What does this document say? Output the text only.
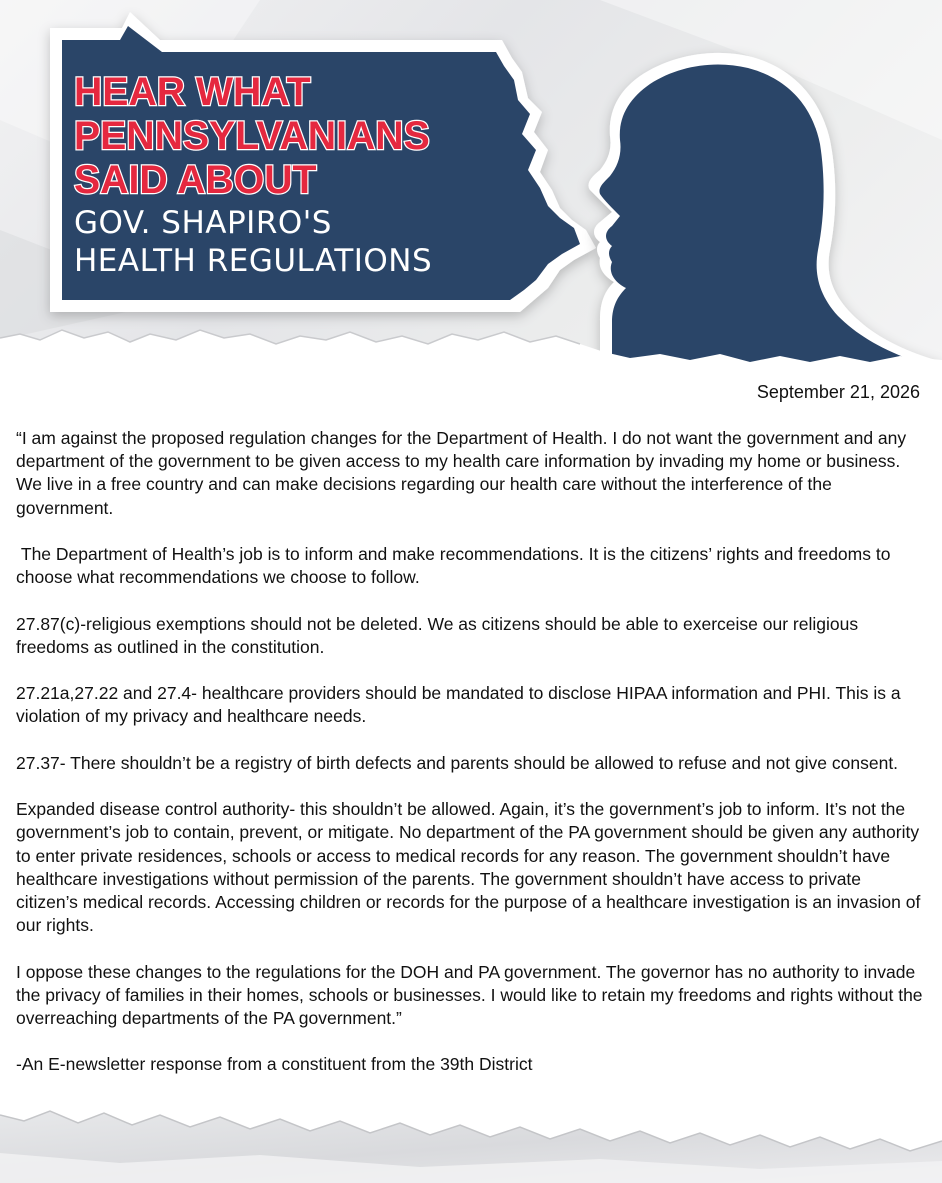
HEAR WHAT
PENNSYLVANIANS
SAID ABOUT
GOV. SHAPIRO'S
HEALTH REGULATIONS
September 21, 2026

“I am against the proposed regulation changes for the Department of Health. I do not want the government and any department of the government to be given access to my health care information by invading my home or business. We live in a free country and can make decisions regarding our health care without the interference of the government.

The Department of Health’s job is to inform and make recommendations. It is the citizens’ rights and freedoms to choose what recommendations we choose to follow.

27.87(c)-religious exemptions should not be deleted. We as citizens should be able to exerceise our religious freedoms as outlined in the constitution.

27.21a,27.22 and 27.4- healthcare providers should be mandated to disclose HIPAA information and PHI. This is a violation of my privacy and healthcare needs.

27.37- There shouldn’t be a registry of birth defects and parents should be allowed to refuse and not give consent.

Expanded disease control authority- this shouldn’t be allowed. Again, it’s the government’s job to inform. It’s not the government’s job to contain, prevent, or mitigate. No department of the PA government should be given any authority to enter private residences, schools or access to medical records for any reason. The government shouldn’t have healthcare investigations without permission of the parents. The government shouldn’t have access to private citizen’s medical records. Accessing children or records for the purpose of a healthcare investigation is an invasion of our rights.

I oppose these changes to the regulations for the DOH and PA government. The governor has no authority to invade the privacy of families in their homes, schools or businesses. I would like to retain my freedoms and rights without the overreaching departments of the PA government.”

-An E-newsletter response from a constituent from the 39th District
